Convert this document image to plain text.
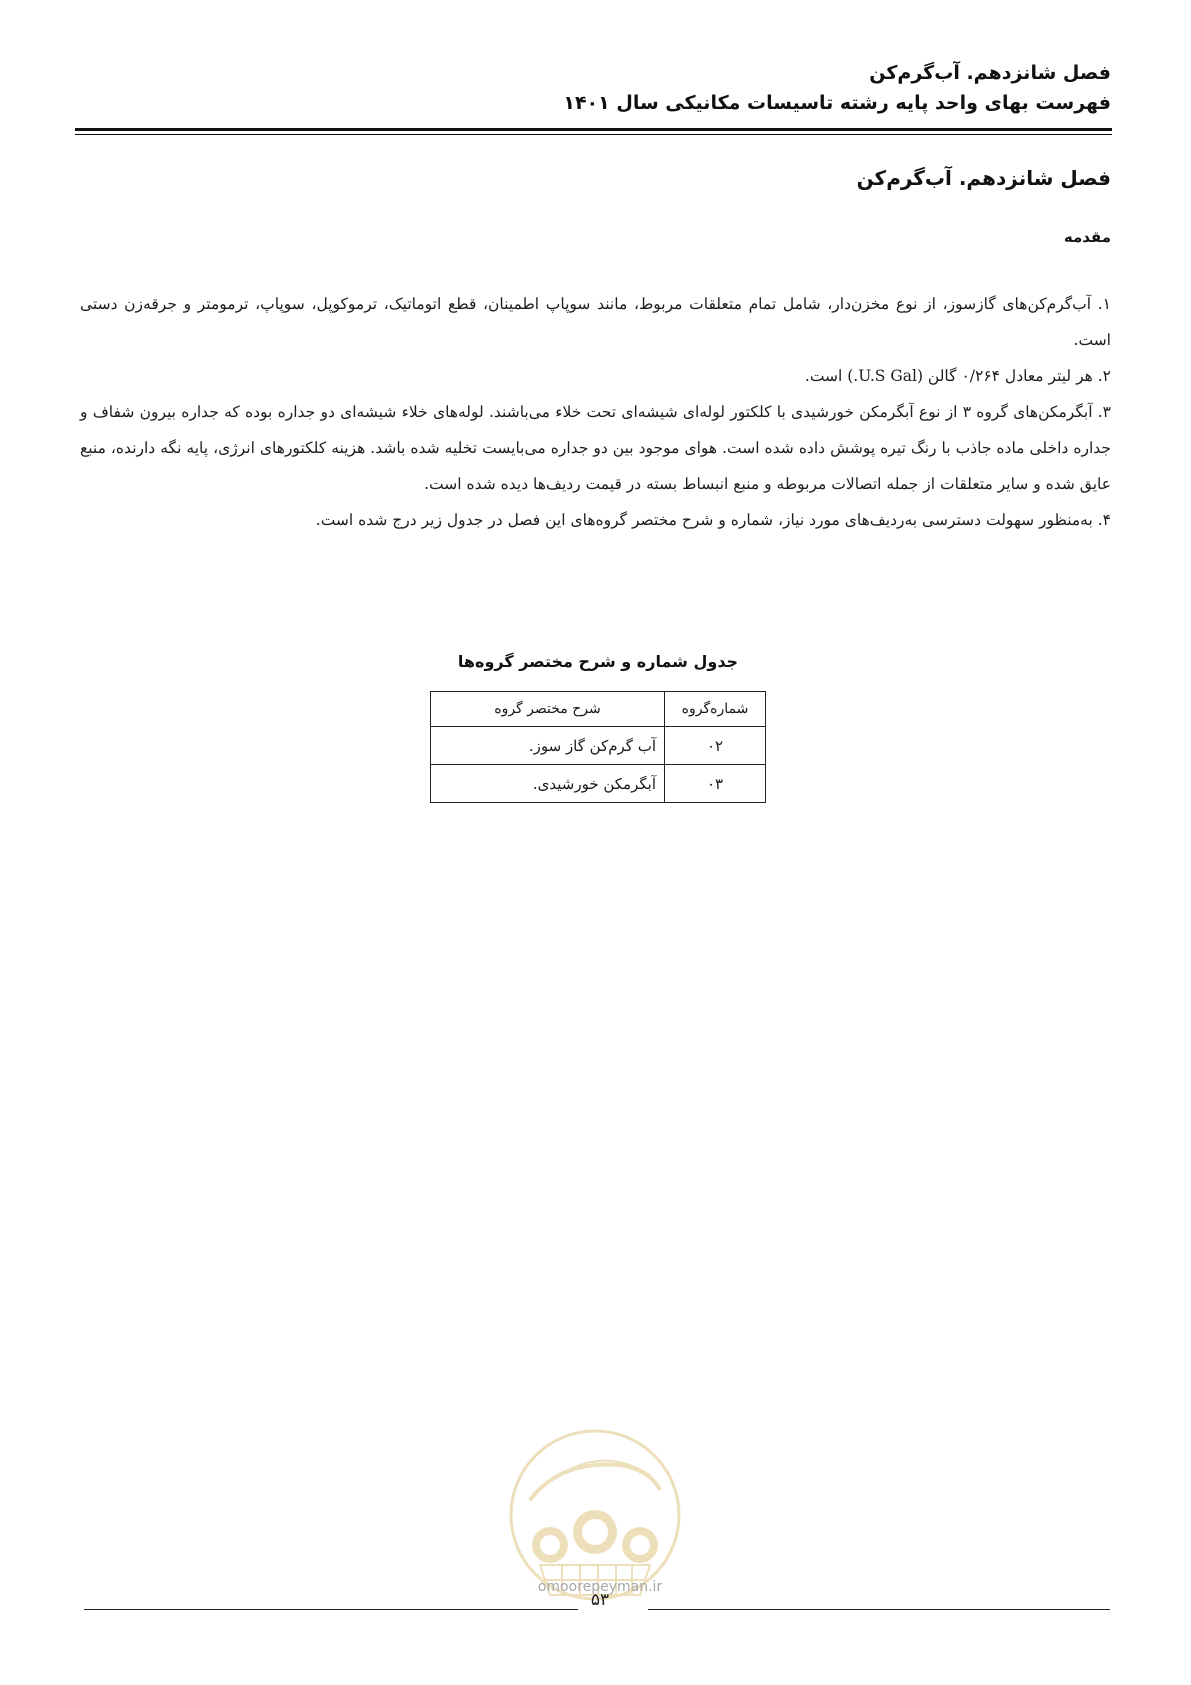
فصل شانزدهم. آب‌گرم‌کن
فهرست بهای واحد پایه رشته تاسیسات مکانیکی سال ۱۴۰۱
فصل شانزدهم. آب‌گرم‌کن
مقدمه

۱. آب‌گرم‌کن‌های گازسوز، از نوع مخزن‌دار، شامل تمام متعلقات مربوط، مانند سوپاپ اطمینان، قطع اتوماتیک، ترموکوپل، سوپاپ، ترمومتر و جرقه‌زن دستی است.

۲. هر لیتر معادل ۰/۲۶۴ گالن (U.S Gal.) است.

۳. آبگرمکن‌های گروه ۳ از نوع آبگرمکن خورشیدی با کلکتور لوله‌ای شیشه‌ای تحت خلاء می‌باشند. لوله‌های خلاء شیشه‌ای دو جداره بوده که جداره بیرون شفاف و جداره داخلی ماده جاذب با رنگ تیره پوشش داده شده است. هوای موجود بین دو جداره می‌بایست تخلیه شده باشد. هزینه کلکتورهای انرژی، پایه نگه دارنده، منبع عایق شده و سایر متعلقات از جمله اتصالات مربوطه و منبع انبساط بسته در قیمت ردیف‌ها دیده شده است.

۴. به‌منظور سهولت دسترسی به‌ردیف‌های مورد نیاز، شماره و شرح مختصر گروه‌های این فصل در جدول زیر درج شده است.

جدول شماره و شرح مختصر گروه‌ها
شماره‌گروه	شرح مختصر گروه
۰۲	آب گرم‌کن گاز سوز.
۰۳	آبگرمکن خورشیدی.
omoorepeyman.ir
۵۳
